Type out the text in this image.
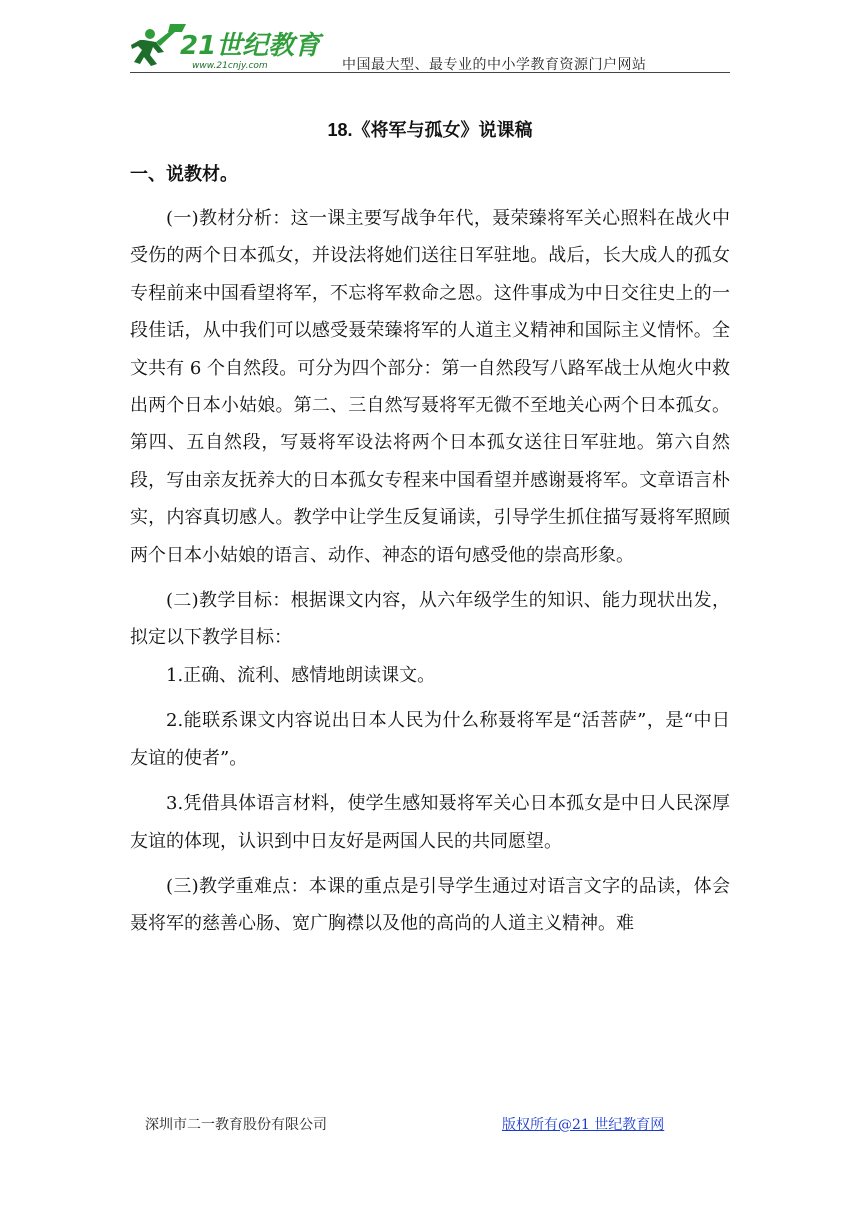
21世纪教育
www.21cnjy.com	中国最大型、最专业的中小学教育资源门户网站
18.《将军与孤女》说课稿
一、说教材。

(一)教材分析：这一课主要写战争年代，聂荣臻将军关心照料在战火中受伤的两个日本孤女，并设法将她们送往日军驻地。战后，长大成人的孤女专程前来中国看望将军，不忘将军救命之恩。这件事成为中日交往史上的一段佳话，从中我们可以感受聂荣臻将军的人道主义精神和国际主义情怀。全文共有 6 个自然段。可分为四个部分：第一自然段写八路军战士从炮火中救出两个日本小姑娘。第二、三自然写聂将军无微不至地关心两个日本孤女。第四、五自然段，写聂将军设法将两个日本孤女送往日军驻地。第六自然段，写由亲友抚养大的日本孤女专程来中国看望并感谢聂将军。文章语言朴实，内容真切感人。教学中让学生反复诵读，引导学生抓住描写聂将军照顾两个日本小姑娘的语言、动作、神态的语句感受他的崇高形象。

(二)教学目标：根据课文内容，从六年级学生的知识、能力现状出发，拟定以下教学目标：

1.正确、流利、感情地朗读课文。

2.能联系课文内容说出日本人民为什么称聂将军是“活菩萨”，是“中日友谊的使者”。

3.凭借具体语言材料，使学生感知聂将军关心日本孤女是中日人民深厚友谊的体现，认识到中日友好是两国人民的共同愿望。

(三)教学重难点：本课的重点是引导学生通过对语言文字的品读，体会聂将军的慈善心肠、宽广胸襟以及他的高尚的人道主义精神。难

深圳市二一教育股份有限公司	版权所有@21 世纪教育网
